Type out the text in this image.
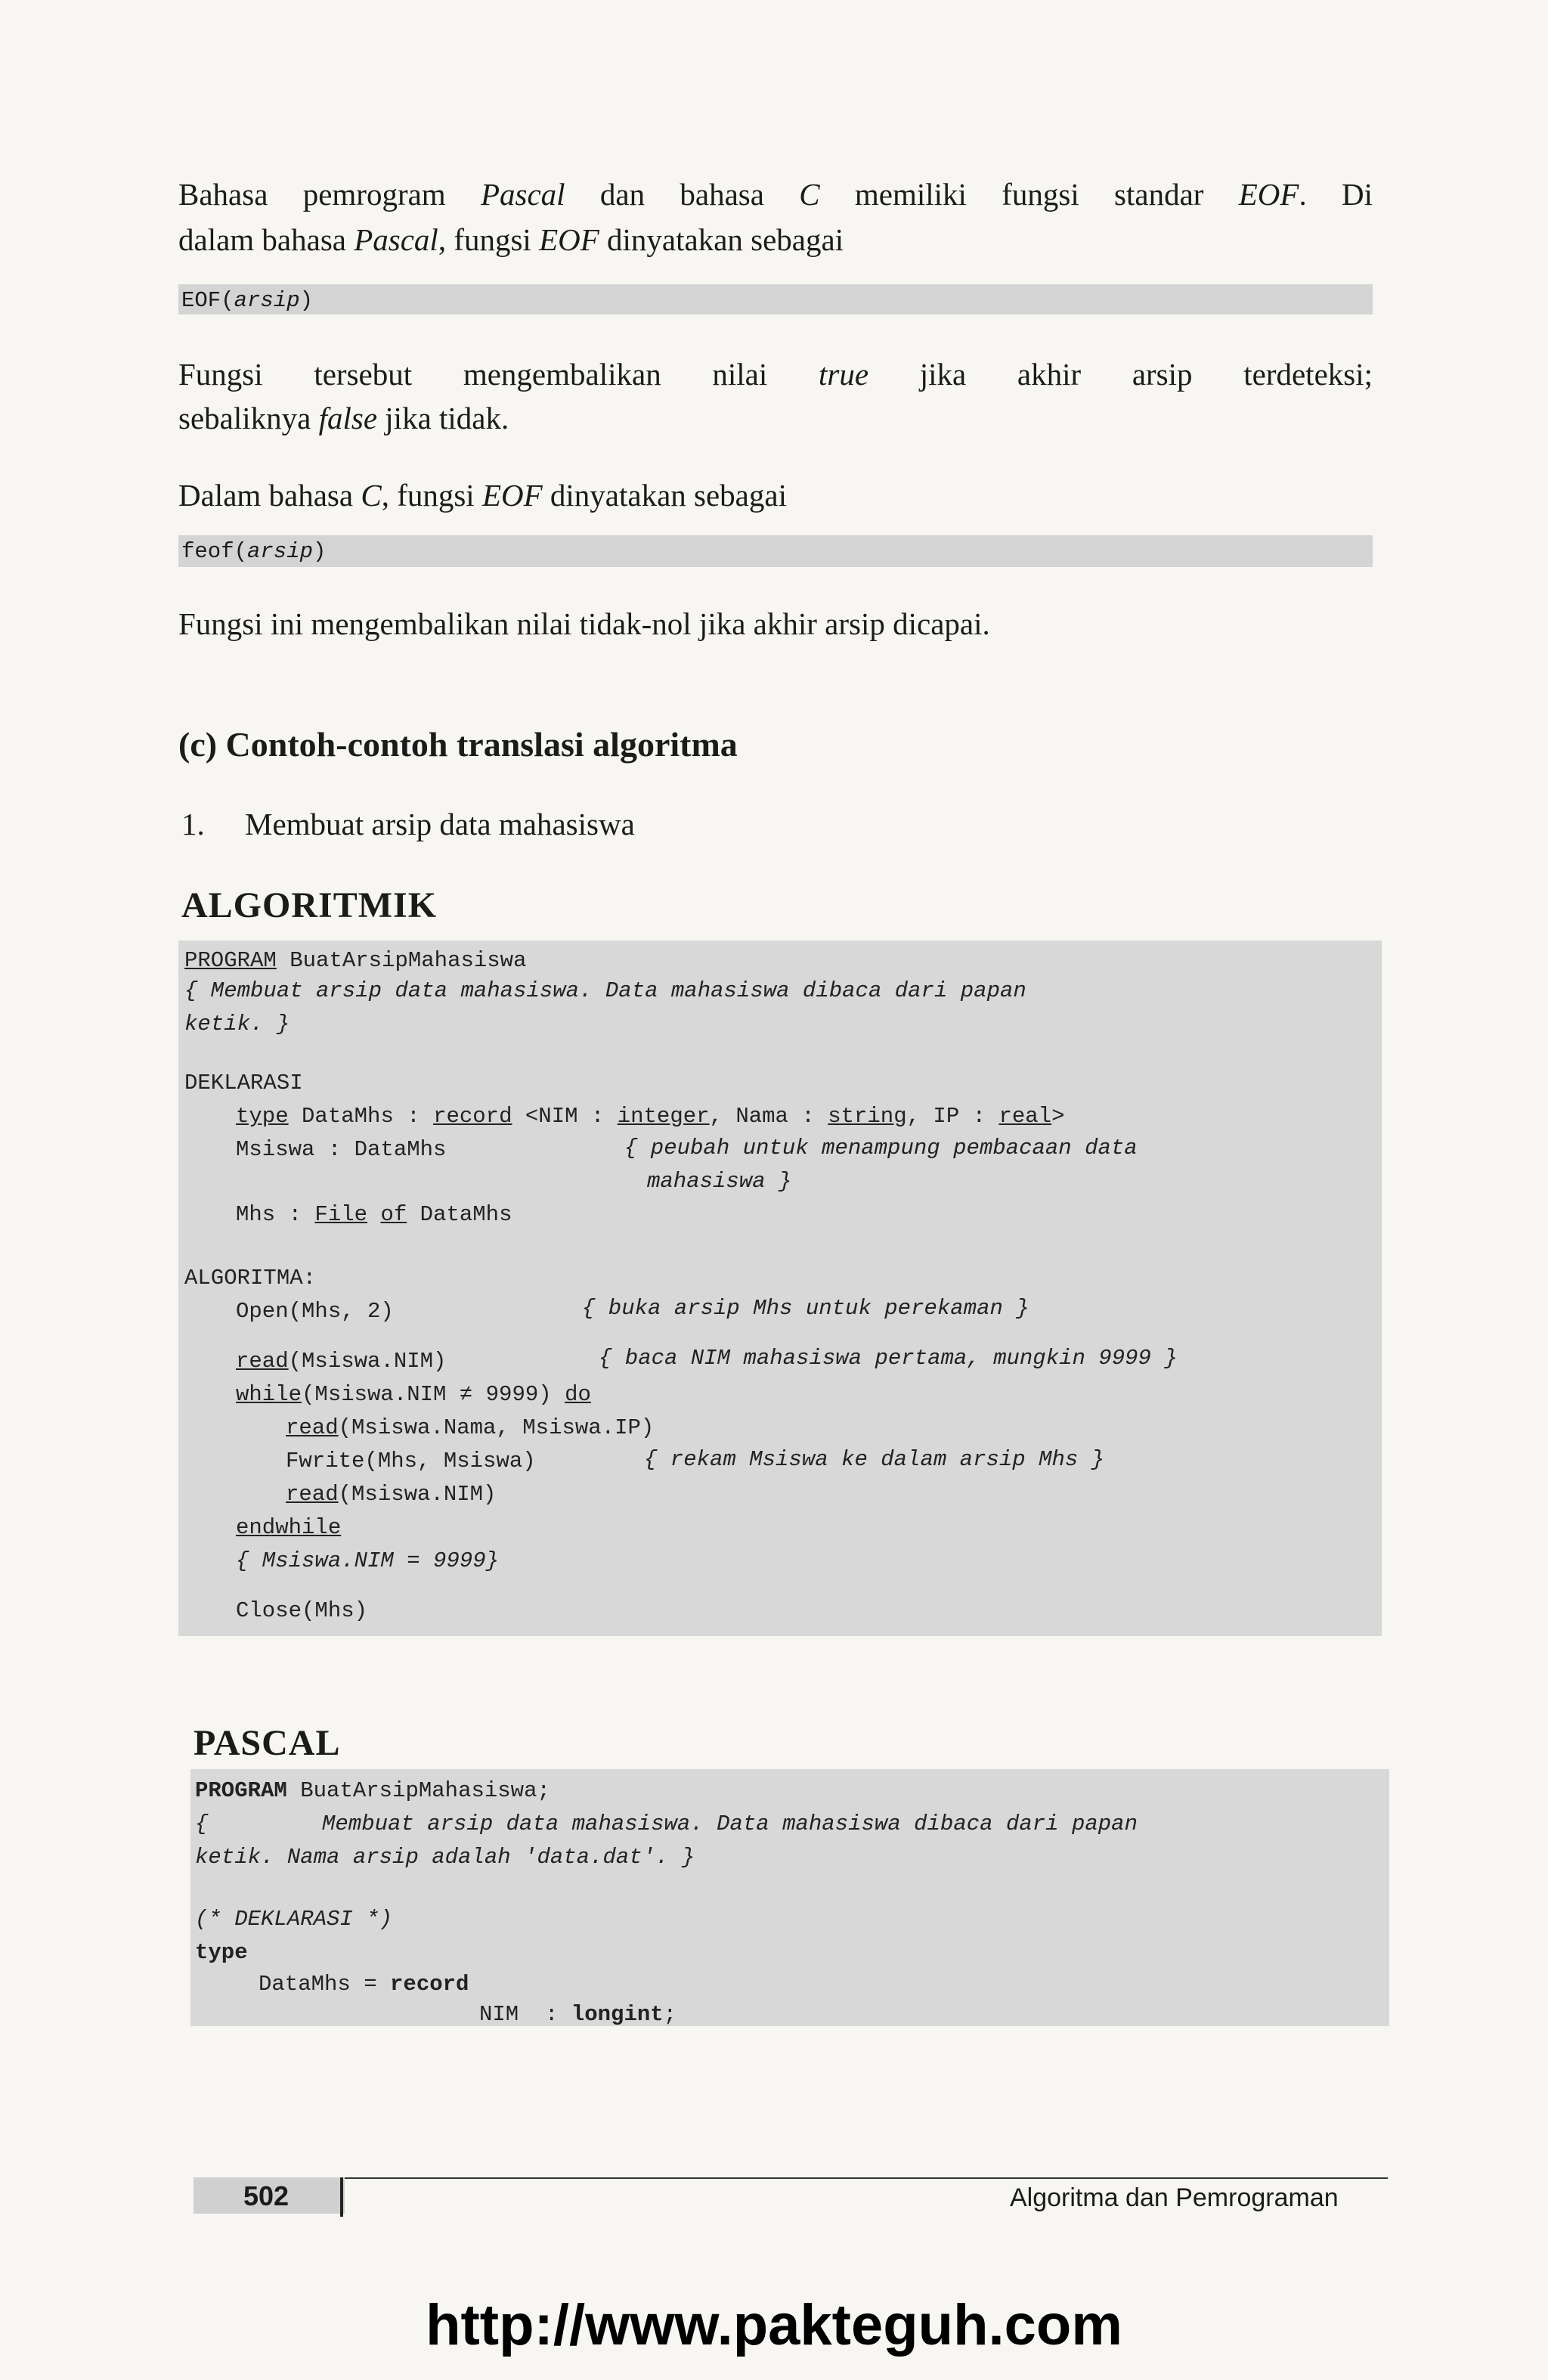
Bahasa pemrogram Pascal dan bahasa C memiliki fungsi standar EOF. Di
dalam bahasa Pascal, fungsi EOF dinyatakan sebagai
EOF(arsip)
Fungsi tersebut mengembalikan nilai true jika akhir arsip terdeteksi;
sebaliknya false jika tidak.
Dalam bahasa C, fungsi EOF dinyatakan sebagai
feof(arsip)
Fungsi ini mengembalikan nilai tidak-nol jika akhir arsip dicapai.
(c) Contoh-contoh translasi algoritma
1. Membuat arsip data mahasiswa
ALGORITMIK
PROGRAM BuatArsipMahasiswa
{ Membuat arsip data mahasiswa. Data mahasiswa dibaca dari papan
ketik. }
DEKLARASI
type DataMhs : record <NIM : integer, Nama : string, IP : real>
Msiswa : DataMhs	{ peubah untuk menampung pembacaan data
mahasiswa }
Mhs : File of DataMhs
ALGORITMA:
Open(Mhs, 2)	{ buka arsip Mhs untuk perekaman }
read(Msiswa.NIM)	{ baca NIM mahasiswa pertama, mungkin 9999 }
while(Msiswa.NIM ≠ 9999) do
read(Msiswa.Nama, Msiswa.IP)
Fwrite(Mhs, Msiswa)	{ rekam Msiswa ke dalam arsip Mhs }
read(Msiswa.NIM)
endwhile
{ Msiswa.NIM = 9999}
Close(Mhs)
PASCAL
PROGRAM BuatArsipMahasiswa;
{	Membuat arsip data mahasiswa. Data mahasiswa dibaca dari papan
ketik. Nama arsip adalah 'data.dat'. }
(* DEKLARASI *)
type
DataMhs = record
NIM  : longint;
502	Algoritma dan Pemrograman
http://www.pakteguh.com
